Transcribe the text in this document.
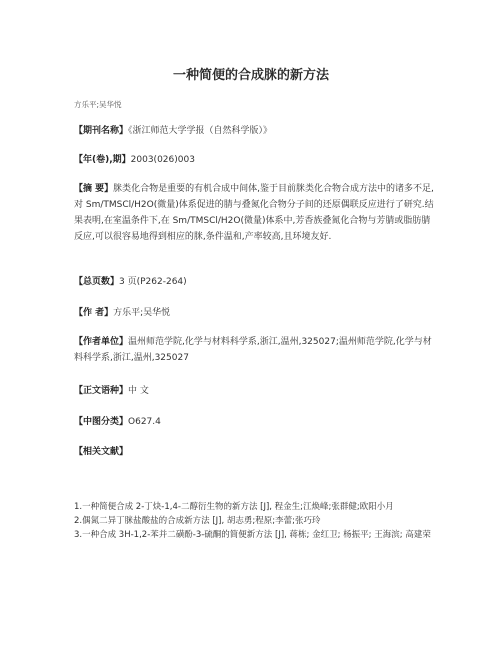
一种简便的合成脒的新方法
方乐平;吴华悦
【期刊名称】《浙江师范大学学报（自然科学版）》
【年(卷),期】2003(026)003
【摘 要】脒类化合物是重要的有机合成中间体,鉴于目前脒类化合物合成方法中的诸多不足,对 Sm/TMSCl/H2O(微量)体系促进的腈与叠氮化合物分子间的还原偶联反应进行了研究.结果表明,在室温条件下,在 Sm/TMSCl/H2O(微量)体系中,芳香族叠氮化合物与芳腈或脂肪腈反应,可以很容易地得到相应的脒,条件温和,产率较高,且环境友好.
【总页数】3 页(P262-264)
【作 者】方乐平;吴华悦
【作者单位】温州师范学院,化学与材料科学系,浙江,温州,325027;温州师范学院,化学与材料科学系,浙江,温州,325027
【正文语种】中 文
【中图分类】O627.4
【相关文献】

1.一种简便合成 2-丁炔-1,4-二醇衍生物的新方法 [J], 程金生;江焕峰;张群健;欧阳小月

2.偶氮二异丁脒盐酸盐的合成新方法 [J], 胡志勇;程原;李蕾;张巧玲

3.一种合成 3H-1,2-苯并二磺酚-3-硫酮的简便新方法 [J], 蒋栋; 金红卫; 杨振平; 王海滨; 高建荣
